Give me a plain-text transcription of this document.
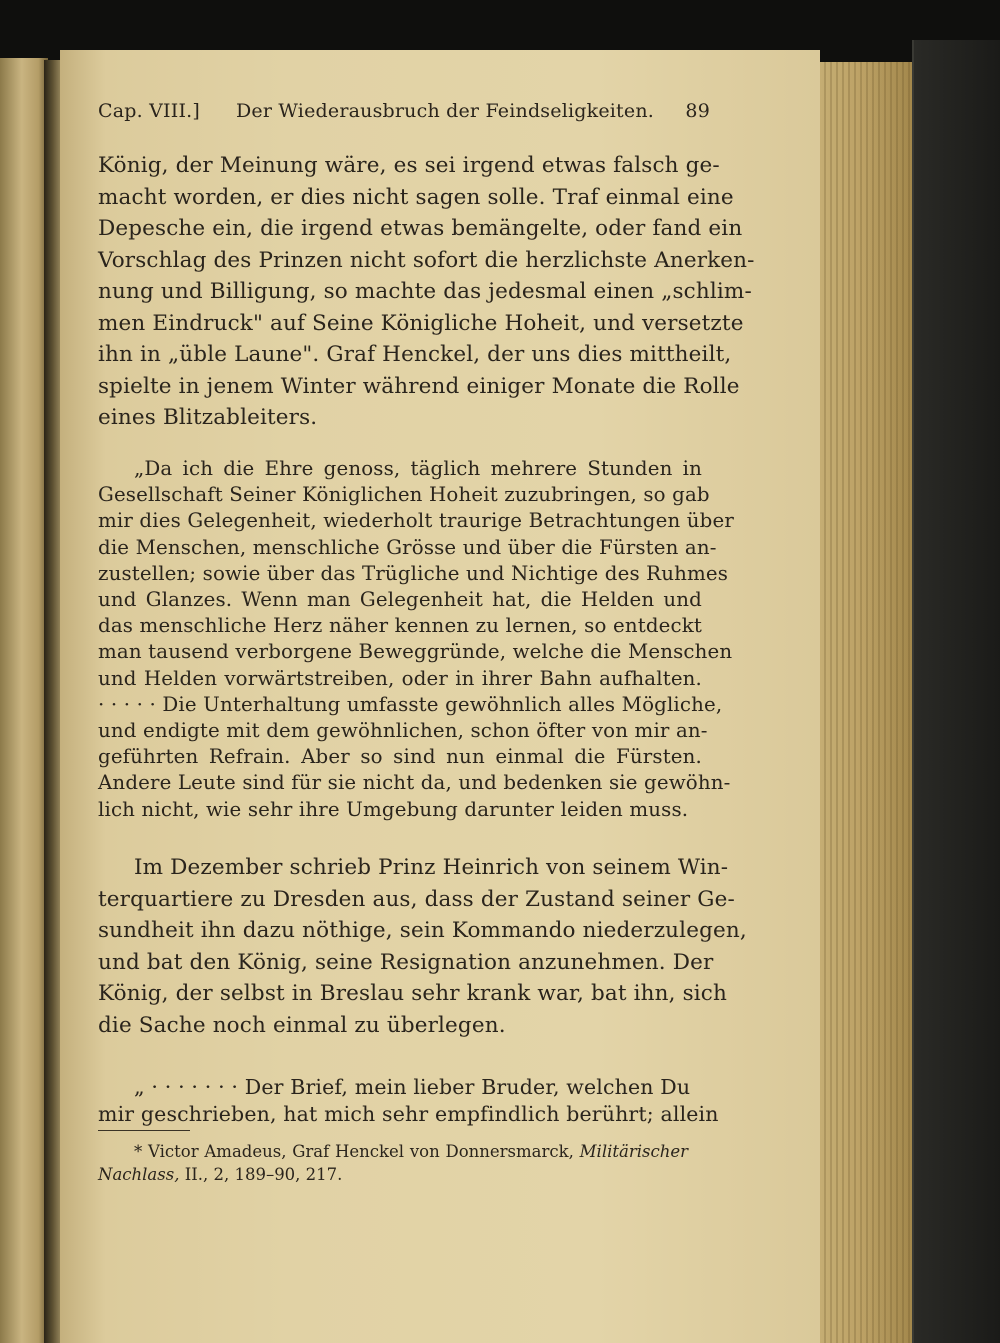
Cap. VIII.] Der Wiederausbruch der Feindseligkeiten. 89
König, der Meinung wäre, es sei irgend etwas falsch ge-
macht worden, er dies nicht sagen solle. Traf einmal eine
Depesche ein, die irgend etwas bemängelte, oder fand ein
Vorschlag des Prinzen nicht sofort die herzlichste Anerken-
nung und Billigung, so machte das jedesmal einen „schlim-
men Eindruck" auf Seine Königliche Hoheit, und versetzte
ihn in „üble Laune". Graf Henckel, der uns dies mittheilt,
spielte in jenem Winter während einiger Monate die Rolle
eines Blitzableiters.
„Da ich die Ehre genoss, täglich mehrere Stunden in
Gesellschaft Seiner Königlichen Hoheit zuzubringen, so gab
mir dies Gelegenheit, wiederholt traurige Betrachtungen über
die Menschen, menschliche Grösse und über die Fürsten an-
zustellen; sowie über das Trügliche und Nichtige des Ruhmes
und Glanzes. Wenn man Gelegenheit hat, die Helden und
das menschliche Herz näher kennen zu lernen, so entdeckt
man tausend verborgene Beweggründe, welche die Menschen
und Helden vorwärtstreiben, oder in ihrer Bahn aufhalten.
· · · · · Die Unterhaltung umfasste gewöhnlich alles Mögliche,
und endigte mit dem gewöhnlichen, schon öfter von mir an-
geführten Refrain. Aber so sind nun einmal die Fürsten.
Andere Leute sind für sie nicht da, und bedenken sie gewöhn-
lich nicht, wie sehr ihre Umgebung darunter leiden muss.
Im Dezember schrieb Prinz Heinrich von seinem Win-
terquartiere zu Dresden aus, dass der Zustand seiner Ge-
sundheit ihn dazu nöthige, sein Kommando niederzulegen,
und bat den König, seine Resignation anzunehmen. Der
König, der selbst in Breslau sehr krank war, bat ihn, sich
die Sache noch einmal zu überlegen.
„ · · · · · · · Der Brief, mein lieber Bruder, welchen Du
mir geschrieben, hat mich sehr empfindlich berührt; allein
* Victor Amadeus, Graf Henckel von Donnersmarck, Militärischer
Nachlass, II., 2, 189–90, 217.
